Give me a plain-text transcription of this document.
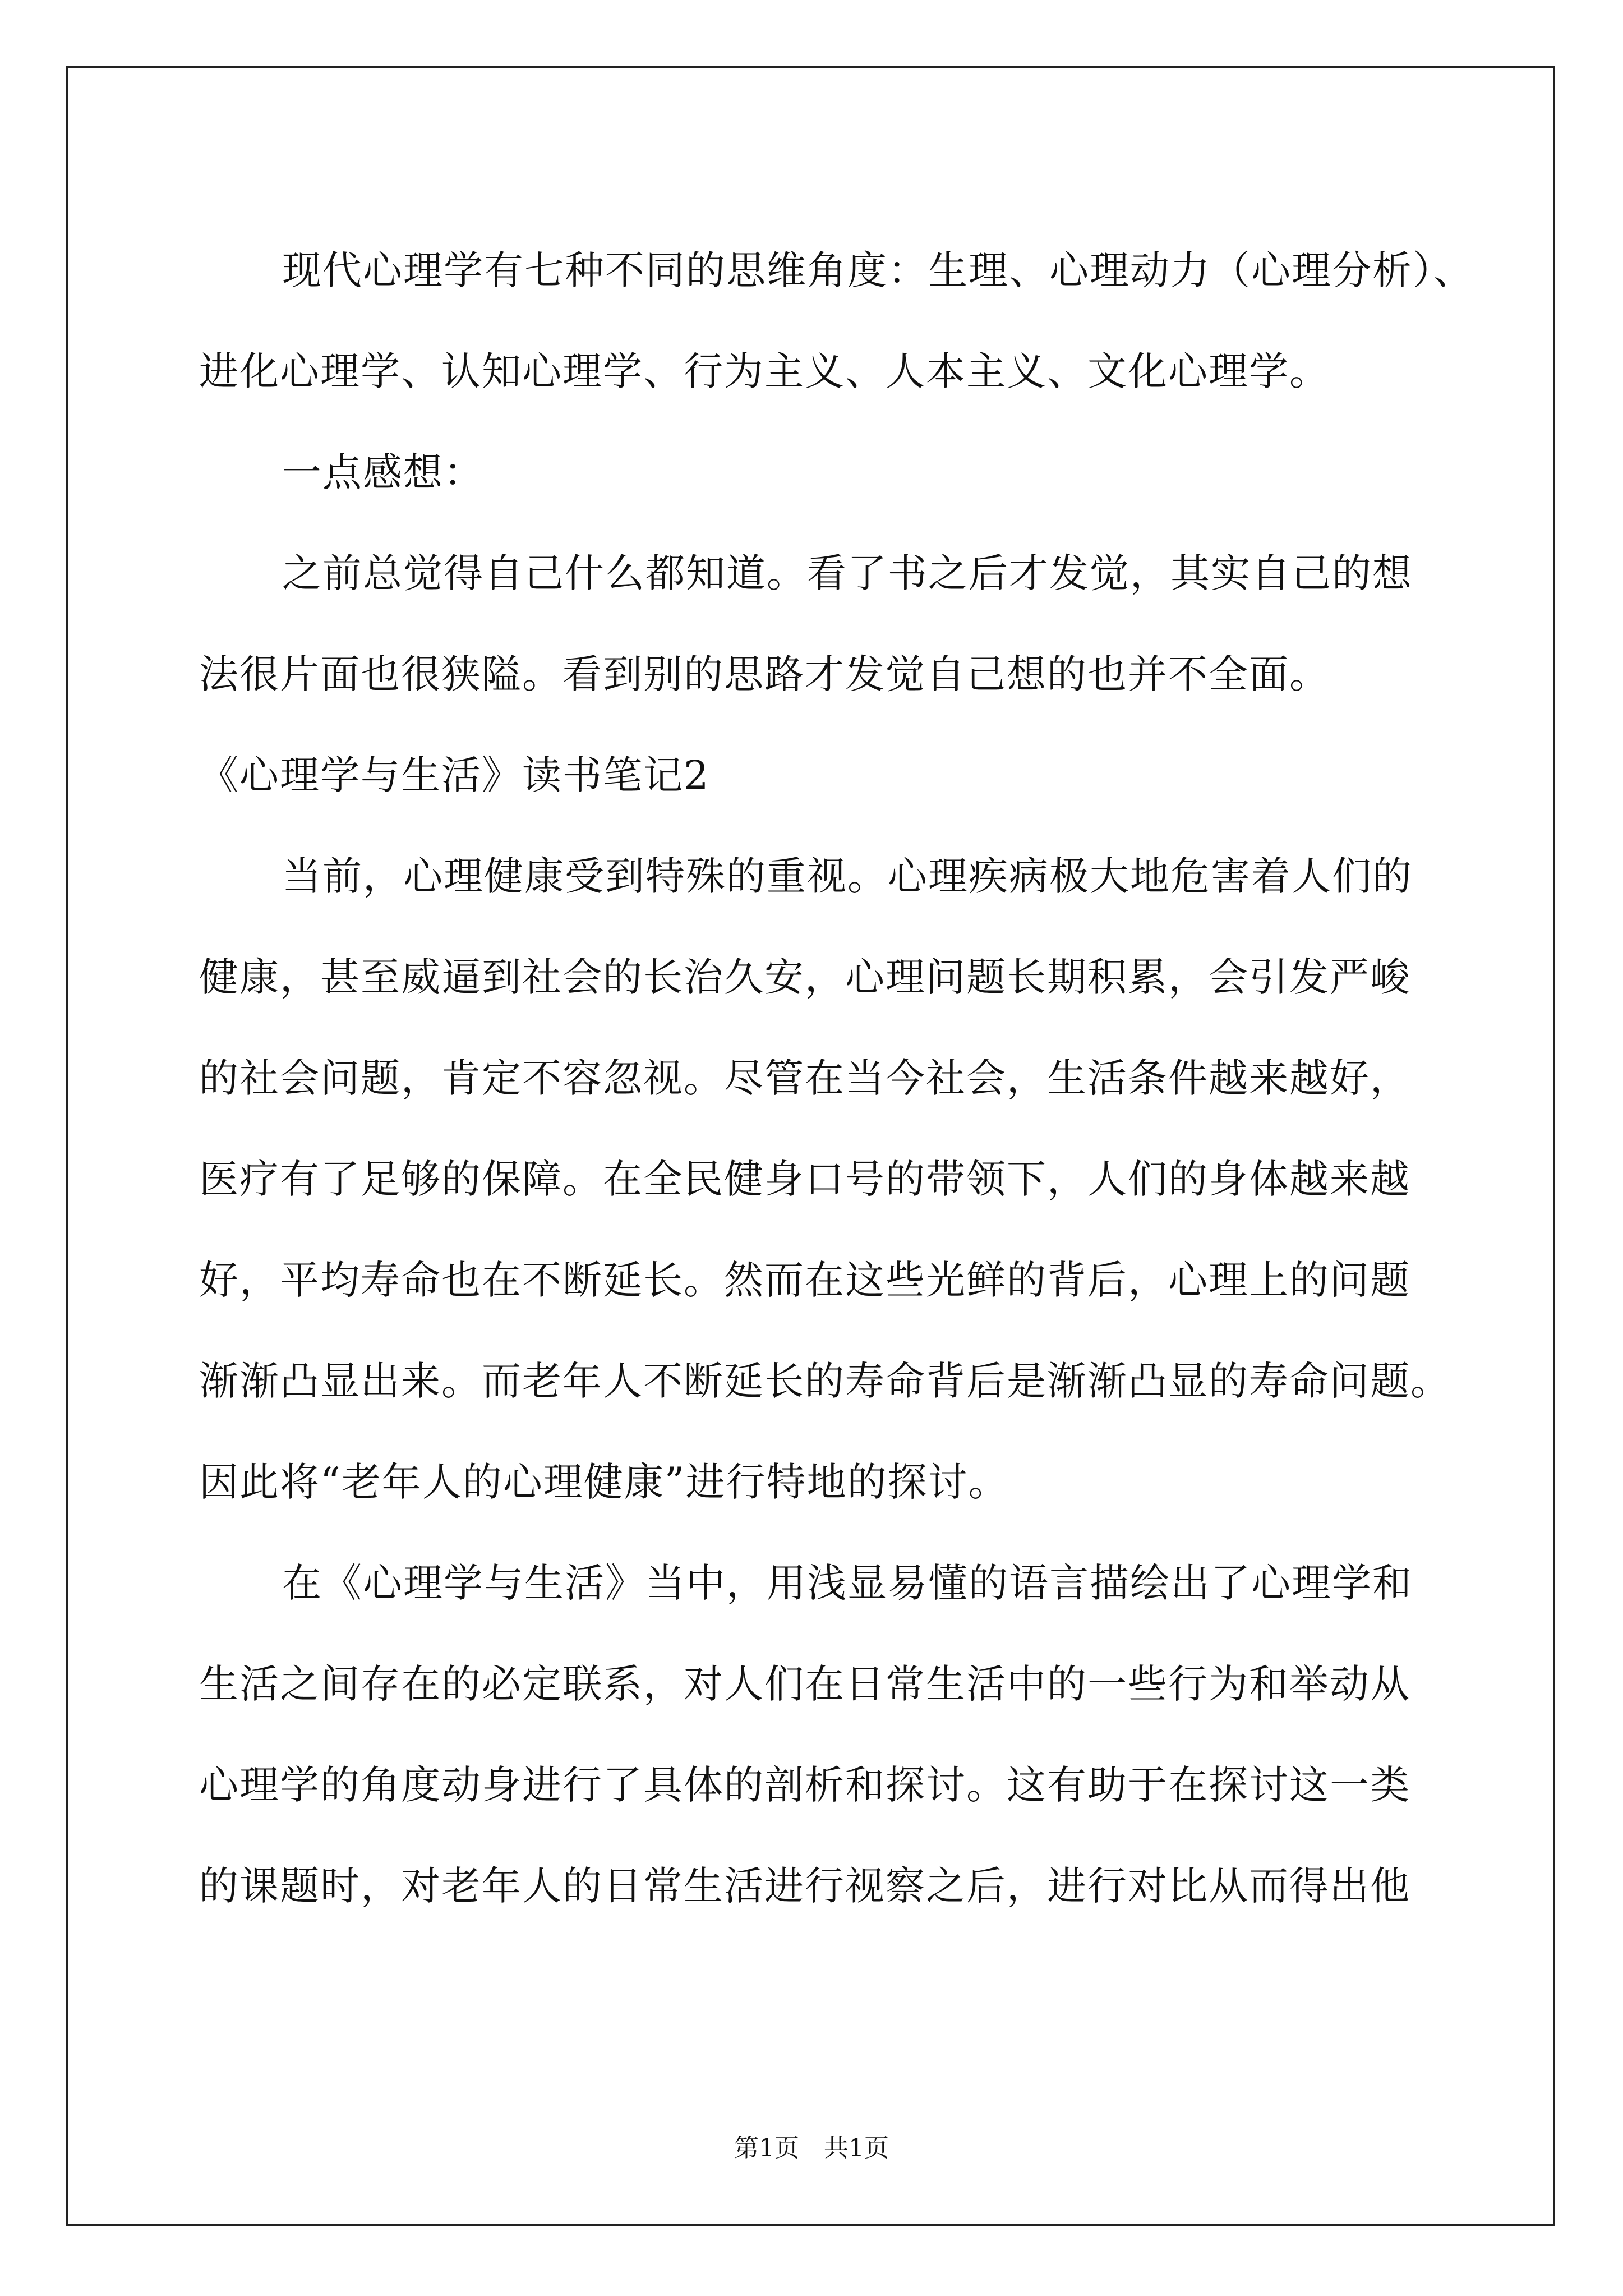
现代心理学有七种不同的思维角度：生理、心理动力（心理分析）、
进化心理学、认知心理学、行为主义、人本主义、文化心理学。
一点感想：
之前总觉得自己什么都知道。看了书之后才发觉，其实自己的想
法很片面也很狭隘。看到别的思路才发觉自己想的也并不全面。
《心理学与生活》读书笔记2
当前，心理健康受到特殊的重视。心理疾病极大地危害着人们的
健康，甚至威逼到社会的长治久安，心理问题长期积累，会引发严峻
的社会问题，肯定不容忽视。尽管在当今社会，生活条件越来越好，
医疗有了足够的保障。在全民健身口号的带领下，人们的身体越来越
好，平均寿命也在不断延长。然而在这些光鲜的背后，心理上的问题
渐渐凸显出来。而老年人不断延长的寿命背后是渐渐凸显的寿命问题。
因此将“老年人的心理健康”进行特地的探讨。
在《心理学与生活》当中，用浅显易懂的语言描绘出了心理学和
生活之间存在的必定联系，对人们在日常生活中的一些行为和举动从
心理学的角度动身进行了具体的剖析和探讨。这有助于在探讨这一类
的课题时，对老年人的日常生活进行视察之后，进行对比从而得出他
第1页　共1页
